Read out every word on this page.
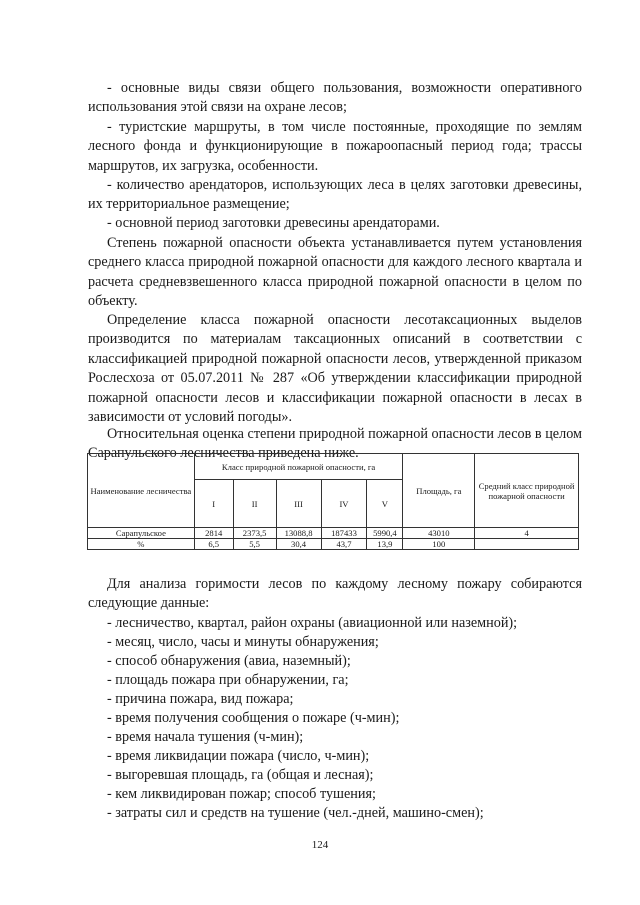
- основные виды связи общего пользования, возможности оперативного использования этой связи на охране лесов;

- туристские маршруты, в том числе постоянные, проходящие по землям лесного фонда и функционирующие в пожароопасный период года; трассы маршрутов, их загрузка, особенности.

- количество арендаторов, использующих леса в целях заготовки древесины, их территориальное размещение;

- основной период заготовки древесины арендаторами.

Степень пожарной опасности объекта устанавливается путем установления среднего класса природной пожарной опасности для каждого лесного квартала и расчета средневзвешенного класса природной пожарной опасности в целом по объекту.

Определение класса пожарной опасности лесотаксационных выделов производится по материалам таксационных описаний в соответствии с классификацией природной пожарной опасности лесов, утвержденной приказом Рослесхоза от 05.07.2011 № 287 «Об утверждении классификации природной пожарной опасности лесов и классификации пожарной опасности в лесах в зависимости от условий погоды».

Относительная оценка степени природной пожарной опасности лесов в целом Сарапульского лесничества приведена ниже.

Наименование лесничества	Класс природной пожарной опасности, га					Площадь, га	Средний класс природной пожарной опасности
	I	II	III	IV	V		
Сарапульское	2814	2373,5	13088,8	187433	5990,4	43010	4
%	6,5	5,5	30,4	43,7	13,9	100	

Для анализа горимости лесов по каждому лесному пожару собираются следующие данные:

- лесничество, квартал, район охраны (авиационной или наземной);

- месяц, число, часы и минуты обнаружения;

- способ обнаружения (авиа, наземный);

- площадь пожара при обнаружении, га;

- причина пожара, вид пожара;

- время получения сообщения о пожаре (ч-мин);

- время начала тушения (ч-мин);

- время ликвидации пожара (число, ч-мин);

- выгоревшая площадь, га (общая и лесная);

- кем ликвидирован пожар; способ тушения;

- затраты сил и средств на тушение (чел.-дней, машино-смен);

124
